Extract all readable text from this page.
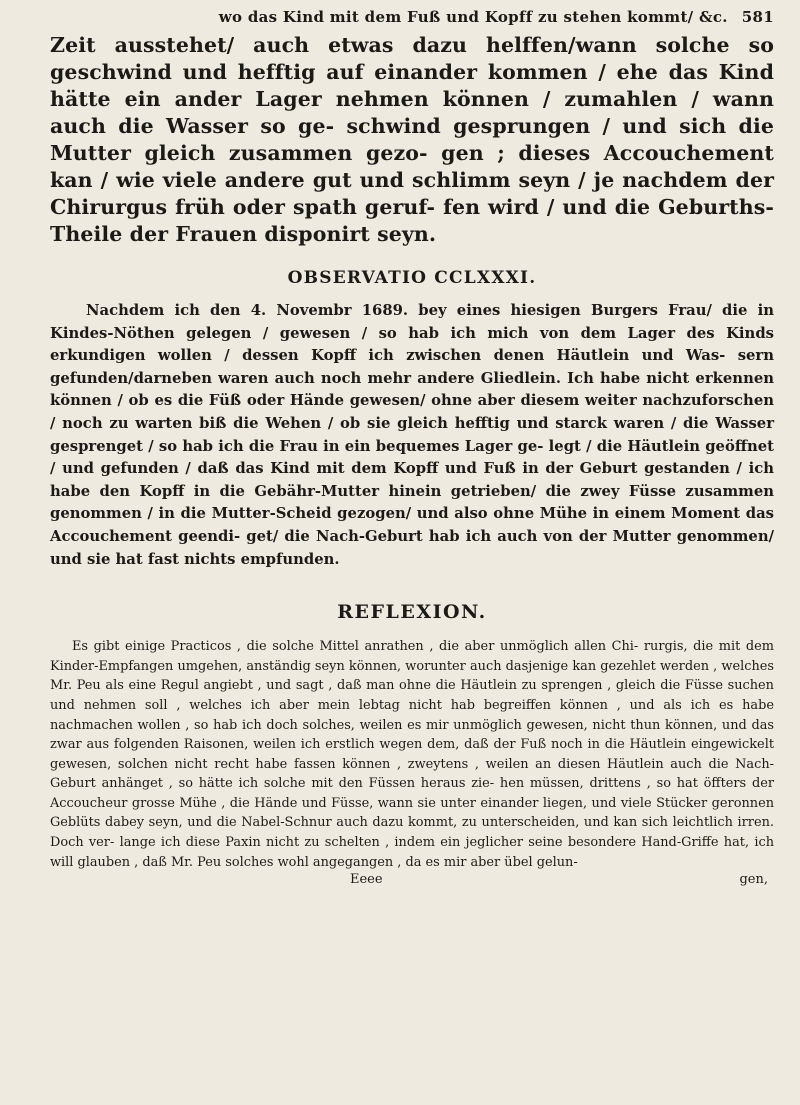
wo das Kind mit dem Fuß und Kopff zu stehen kommt/ &c. 581

Zeit ausstehet/ auch etwas dazu helffen/wann solche so geschwind und hefftig auf einander kommen / ehe das Kind hätte ein ander Lager nehmen können / zumahlen / wann auch die Wasser so ge- schwind gesprungen / und sich die Mutter gleich zusammen gezo- gen ; dieses Accouchement kan / wie viele andere gut und schlimm seyn / je nachdem der Chirurgus früh oder spath geruf- fen wird / und die Geburths-Theile der Frauen disponirt seyn.

OBSERVATIO CCLXXXI.

Nachdem ich den 4. Novembr 1689. bey eines hiesigen Burgers Frau/ die in Kindes-Nöthen gelegen / gewesen / so hab ich mich von dem Lager des Kinds erkundigen wollen / dessen Kopff ich zwischen denen Häutlein und Was- sern gefunden/darneben waren auch noch mehr andere Gliedlein. Ich habe nicht erkennen können / ob es die Füß oder Hände gewesen/ ohne aber diesem weiter nachzuforschen / noch zu warten biß die Wehen / ob sie gleich hefftig und starck waren / die Wasser gesprenget / so hab ich die Frau in ein bequemes Lager ge- legt / die Häutlein geöffnet / und gefunden / daß das Kind mit dem Kopff und Fuß in der Geburt gestanden / ich habe den Kopff in die Gebähr-Mutter hinein getrieben/ die zwey Füsse zusammen genommen / in die Mutter-Scheid gezogen/ und also ohne Mühe in einem Moment das Accouchement geendi- get/ die Nach-Geburt hab ich auch von der Mutter genommen/ und sie hat fast nichts empfunden.

REFLEXION.

Es gibt einige Practicos , die solche Mittel anrathen , die aber unmöglich allen Chi- rurgis, die mit dem Kinder-Empfangen umgehen, anständig seyn können, worunter auch dasjenige kan gezehlet werden , welches Mr. Peu als eine Regul angiebt , und sagt , daß man ohne die Häutlein zu sprengen , gleich die Füsse suchen und nehmen soll , welches ich aber mein lebtag nicht hab begreiffen können , und als ich es habe nachmachen wollen , so hab ich doch solches, weilen es mir unmöglich gewesen, nicht thun können, und das zwar aus folgenden Raisonen, weilen ich erstlich wegen dem, daß der Fuß noch in die Häutlein eingewickelt gewesen, solchen nicht recht habe fassen können , zweytens , weilen an diesen Häutlein auch die Nach-Geburt anhänget , so hätte ich solche mit den Füssen heraus zie- hen müssen, drittens , so hat öffters der Accoucheur grosse Mühe , die Hände und Füsse, wann sie unter einander liegen, und viele Stücker geronnen Geblüts dabey seyn, und die Nabel-Schnur auch dazu kommt, zu unterscheiden, und kan sich leichtlich irren. Doch ver- lange ich diese Paxin nicht zu schelten , indem ein jeglicher seine besondere Hand-Griffe hat, ich will glauben , daß Mr. Peu solches wohl angegangen , da es mir aber übel gelun-

Eeee	gen,
